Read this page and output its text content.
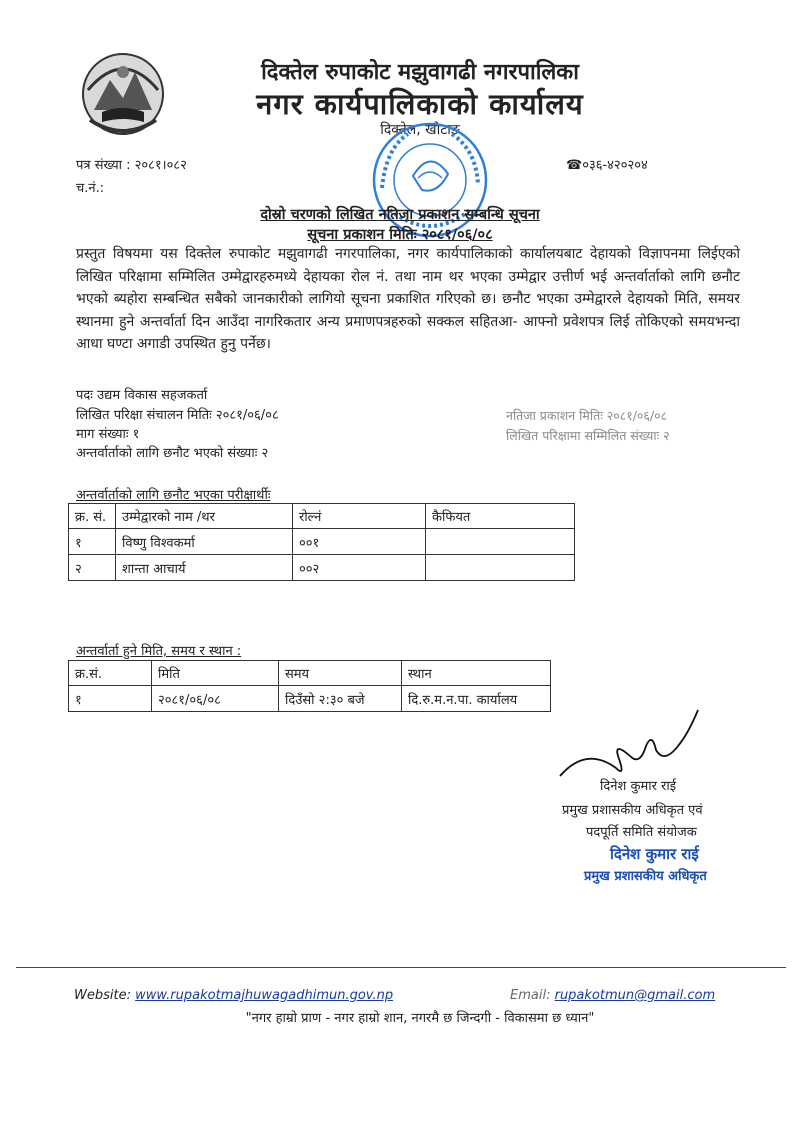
दिक्तेल रुपाकोट मझुवागढी नगरपालिका
नगर कार्यपालिकाको कार्यालय
दिक्तेल, खोटाङ
पत्र संख्या : २०८१।०८२
च.नं.:
☎०३६-४२०२०४
दोस्रो चरणको लिखित नतिजा प्रकाशन सम्बन्धि सूचना
सूचना प्रकाशन मितिः २०८१/०६/०८
प्रस्तुत विषयमा यस दिक्तेल रुपाकोट मझुवागढी नगरपालिका, नगर कार्यपालिकाको कार्यालयबाट देहायको विज्ञापनमा लिईएको लिखित परिक्षामा सम्मिलित उम्मेद्वारहरुमध्ये देहायका रोल नं. तथा नाम थर भएका उम्मेद्वार उत्तीर्ण भई अन्तर्वार्ताको लागि छनौट भएको ब्यहोरा सम्बन्धित सबैको जानकारीको लागियो सूचना प्रकाशित गरिएको छ। छनौट भएका उम्मेद्वारले देहायको मिति, समयर स्थानमा हुने अन्तर्वार्ता दिन आउँदा नागरिकतार अन्य प्रमाणपत्रहरुको सक्कल सहितआ- आफ्नो प्रवेशपत्र लिई तोकिएको समयभन्दा आधा घण्टा अगाडी उपस्थित हुनु पर्नेछ।
पदः उद्यम विकास सहजकर्ता
लिखित परिक्षा संचालन मितिः २०८१/०६/०८
माग संख्याः १
अन्तर्वार्ताको लागि छनौट भएको संख्याः २
नतिजा प्रकाशन मितिः २०८१/०६/०८
लिखित परिक्षामा सम्मिलित संख्याः २
अन्तर्वार्ताको लागि छनौट भएका परीक्षार्थीः
क्र. सं.	उम्मेद्वारको नाम /थर	रोल्नं	कैफियत
१	विष्णु विश्वकर्मा	००१	
२	शान्ता आचार्य	००२	
अन्तर्वार्ता हुने मिति, समय र स्थान :
क्र.सं.	मिति	समय	स्थान
१	२०८१/०६/०८	दिउँसो २:३० बजे	दि.रु.म.न.पा. कार्यालय
दिनेश कुमार राई
प्रमुख प्रशासकीय अधिकृत एवं
पदपूर्ति समिति संयोजक
दिनेश कुमार राई
प्रमुख प्रशासकीय अधिकृत
Website: www.rupakotmajhuwagadhimun.gov.np	Email: rupakotmun@gmail.com
"नगर हाम्रो प्राण - नगर हाम्रो शान, नगरमै छ जिन्दगी - विकासमा छ ध्यान"
